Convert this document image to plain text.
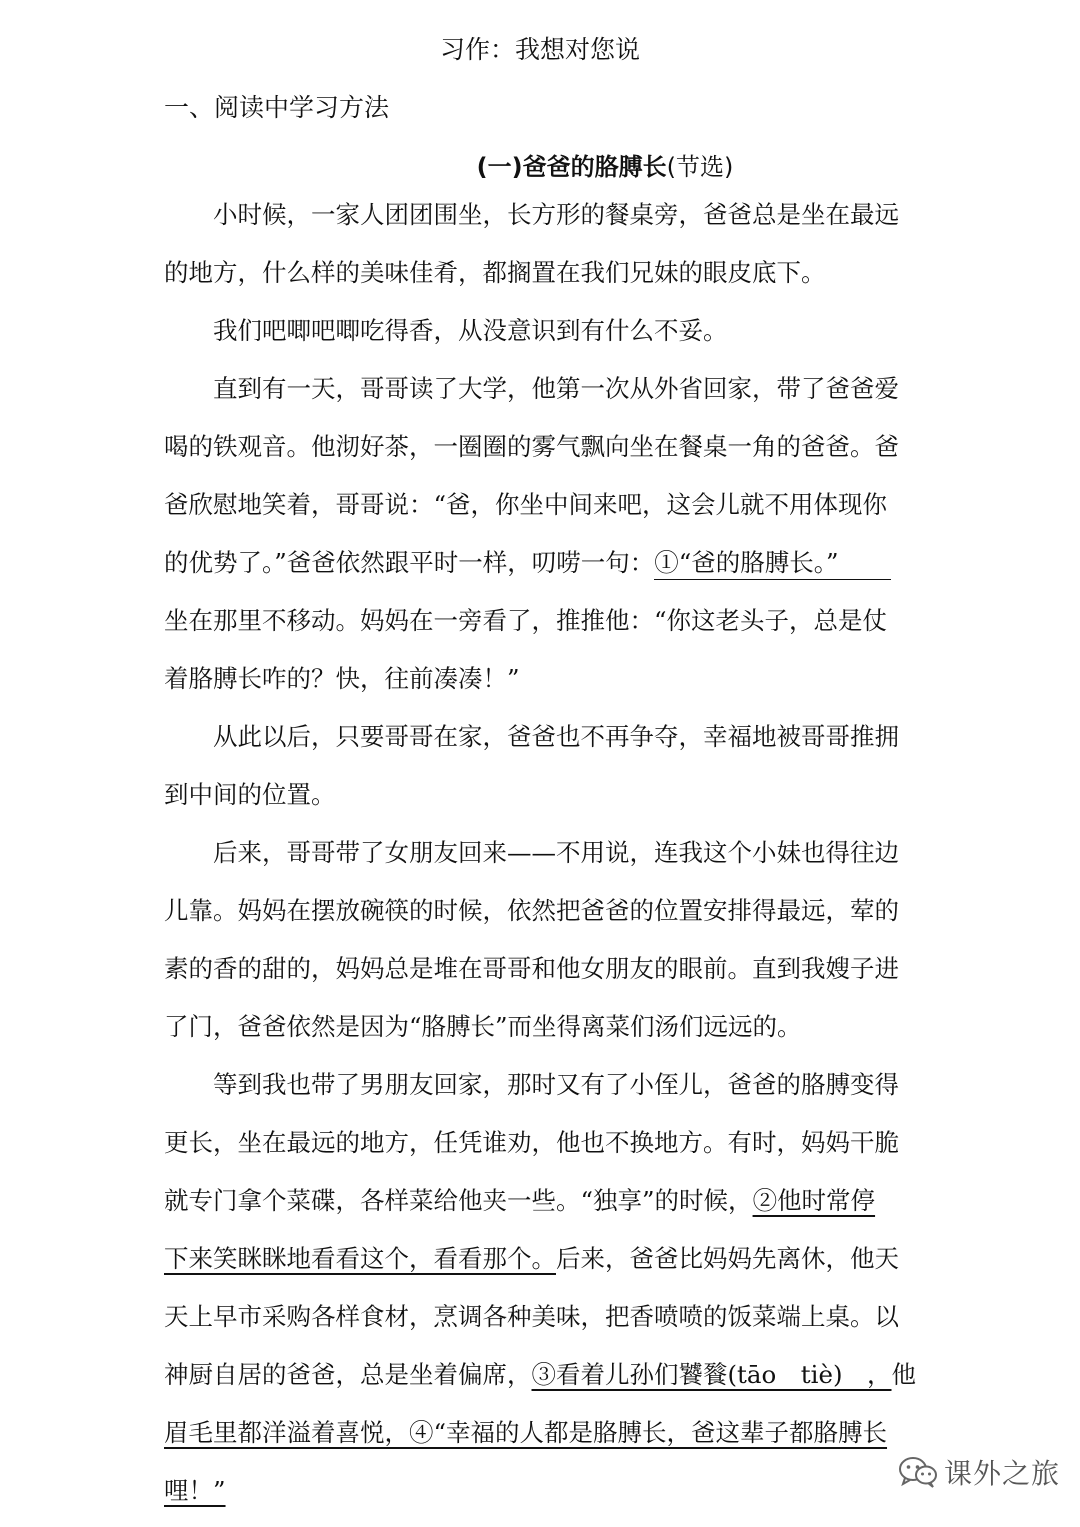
习作：我想对您说
一、阅读中学习方法
(一)爸爸的胳膊长(节选)
小时候，一家人团团围坐，长方形的餐桌旁，爸爸总是坐在最远
的地方，什么样的美味佳肴，都搁置在我们兄妹的眼皮底下。
我们吧唧吧唧吃得香，从没意识到有什么不妥。
直到有一天，哥哥读了大学，他第一次从外省回家，带了爸爸爱
喝的铁观音。他沏好茶，一圈圈的雾气飘向坐在餐桌一角的爸爸。爸
爸欣慰地笑着，哥哥说：“爸，你坐中间来吧，这会儿就不用体现你
的优势了。”爸爸依然跟平时一样，叨唠一句：①“爸的胳膊长。”
坐在那里不移动。妈妈在一旁看了，推推他：“你这老头子，总是仗
着胳膊长咋的？快，往前凑凑！”
从此以后，只要哥哥在家，爸爸也不再争夺，幸福地被哥哥推拥
到中间的位置。
后来，哥哥带了女朋友回来——不用说，连我这个小妹也得往边
儿靠。妈妈在摆放碗筷的时候，依然把爸爸的位置安排得最远，荤的
素的香的甜的，妈妈总是堆在哥哥和他女朋友的眼前。直到我嫂子进
了门，爸爸依然是因为“胳膊长”而坐得离菜们汤们远远的。
等到我也带了男朋友回家，那时又有了小侄儿，爸爸的胳膊变得
更长，坐在最远的地方，任凭谁劝，他也不换地方。有时，妈妈干脆
就专门拿个菜碟，各样菜给他夹一些。“独享”的时候，②他时常停
下来笑眯眯地看看这个，看看那个。后来，爸爸比妈妈先离休，他天
天上早市采购各样食材，烹调各种美味，把香喷喷的饭菜端上桌。以
神厨自居的爸爸，总是坐着偏席，③看着儿孙们饕餮(tāo　tiè)　，他
眉毛里都洋溢着喜悦，④“幸福的人都是胳膊长，爸这辈子都胳膊长
哩！”
课外之旅
